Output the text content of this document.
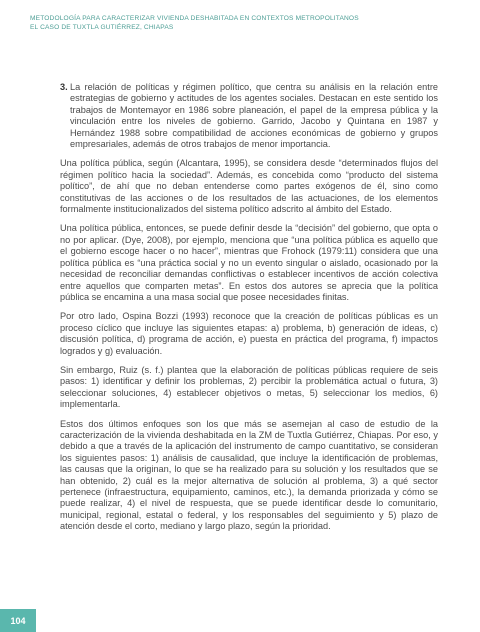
METODOLOGÍA PARA CARACTERIZAR VIVIENDA DESHABITADA EN CONTEXTOS METROPOLITANOS
EL CASO DE TUXTLA GUTIÉRREZ, CHIAPAS
3. La relación de políticas y régimen político, que centra su análisis en la relación entre estrategias de gobierno y actitudes de los agentes sociales. Destacan en este sentido los trabajos de Montemayor en 1986 sobre planeación, el papel de la empresa pública y la vinculación entre los niveles de gobierno. Garrido, Jacobo y Quintana en 1987 y Hernández 1988 sobre compatibilidad de acciones económicas de gobierno y grupos empresariales, además de otros trabajos de menor importancia.

Una política pública, según (Alcantara, 1995), se considera desde “determinados flujos del régimen político hacia la sociedad”. Además, es concebida como “producto del sistema político”, de ahí que no deban entenderse como partes exógenos de él, sino como constitutivas de las acciones o de los resultados de las actuaciones, de los elementos formalmente institucionalizados del sistema político adscrito al ámbito del Estado.

Una política pública, entonces, se puede definir desde la “decisión” del gobierno, que opta o no por aplicar. (Dye, 2008), por ejemplo, menciona que “una política pública es aquello que el gobierno escoge hacer o no hacer”, mientras que Frohock (1979:11) considera que una política pública es “una práctica social y no un evento singular o aislado, ocasionado por la necesidad de reconciliar demandas conflictivas o establecer incentivos de acción colectiva entre aquellos que comparten metas”. En estos dos autores se aprecia que la política pública se encamina a una masa social que posee necesidades finitas.

Por otro lado, Ospina Bozzi (1993) reconoce que la creación de políticas públicas es un proceso cíclico que incluye las siguientes etapas: a) problema, b) generación de ideas, c) discusión política, d) programa de acción, e) puesta en práctica del programa, f) impactos logrados y g) evaluación.

Sin embargo, Ruiz (s. f.) plantea que la elaboración de políticas públicas requiere de seis pasos: 1) identificar y definir los problemas, 2) percibir la problemática actual o futura, 3) seleccionar soluciones, 4) establecer objetivos o metas, 5) seleccionar los medios, 6) implementarla.

Estos dos últimos enfoques son los que más se asemejan al caso de estudio de la caracterización de la vivienda deshabitada en la ZM de Tuxtla Gutiérrez, Chiapas. Por eso, y debido a que a través de la aplicación del instrumento de campo cuantitativo, se consideran los siguientes pasos: 1) análisis de causalidad, que incluye la identificación de problemas, las causas que la originan, lo que se ha realizado para su solución y los resultados que se han obtenido, 2) cuál es la mejor alternativa de solución al problema, 3) a qué sector pertenece (infraestructura, equipamiento, caminos, etc.), la demanda priorizada y cómo se puede realizar, 4) el nivel de respuesta, que se puede identificar desde lo comunitario, municipal, regional, estatal o federal, y los responsables del seguimiento y 5) plazo de atención desde el corto, mediano y largo plazo, según la prioridad.

104
